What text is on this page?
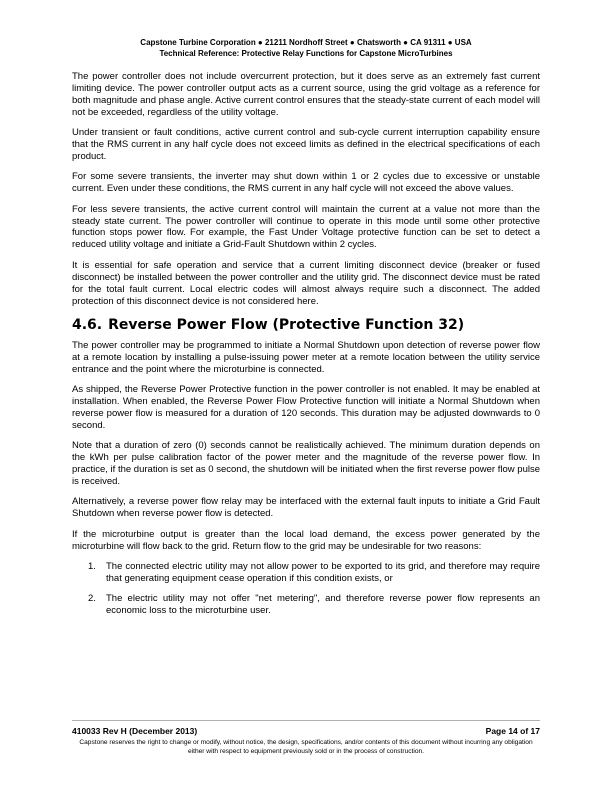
Capstone Turbine Corporation ● 21211 Nordhoff Street ● Chatsworth ● CA 91311 ● USA
Technical Reference: Protective Relay Functions for Capstone MicroTurbines

The power controller does not include overcurrent protection, but it does serve as an extremely fast current limiting device. The power controller output acts as a current source, using the grid voltage as a reference for both magnitude and phase angle. Active current control ensures that the steady-state current of each model will not be exceeded, regardless of the utility voltage.

Under transient or fault conditions, active current control and sub-cycle current interruption capability ensure that the RMS current in any half cycle does not exceed limits as defined in the electrical specifications of each product.

For some severe transients, the inverter may shut down within 1 or 2 cycles due to excessive or unstable current. Even under these conditions, the RMS current in any half cycle will not exceed the above values.

For less severe transients, the active current control will maintain the current at a value not more than the steady state current. The power controller will continue to operate in this mode until some other protective function stops power flow. For example, the Fast Under Voltage protective function can be set to detect a reduced utility voltage and initiate a Grid-Fault Shutdown within 2 cycles.

It is essential for safe operation and service that a current limiting disconnect device (breaker or fused disconnect) be installed between the power controller and the utility grid. The disconnect device must be rated for the total fault current. Local electric codes will almost always require such a disconnect. The added protection of this disconnect device is not considered here.

4.6. Reverse Power Flow (Protective Function 32)

The power controller may be programmed to initiate a Normal Shutdown upon detection of reverse power flow at a remote location by installing a pulse-issuing power meter at a remote location between the utility service entrance and the point where the microturbine is connected.

As shipped, the Reverse Power Protective function in the power controller is not enabled. It may be enabled at installation. When enabled, the Reverse Power Flow Protective function will initiate a Normal Shutdown when reverse power flow is measured for a duration of 120 seconds. This duration may be adjusted downwards to 0 second.

Note that a duration of zero (0) seconds cannot be realistically achieved. The minimum duration depends on the kWh per pulse calibration factor of the power meter and the magnitude of the reverse power flow. In practice, if the duration is set as 0 second, the shutdown will be initiated when the first reverse power flow pulse is received.

Alternatively, a reverse power flow relay may be interfaced with the external fault inputs to initiate a Grid Fault Shutdown when reverse power flow is detected.

If the microturbine output is greater than the local load demand, the excess power generated by the microturbine will flow back to the grid. Return flow to the grid may be undesirable for two reasons:

1. The connected electric utility may not allow power to be exported to its grid, and therefore may require that generating equipment cease operation if this condition exists, or
2. The electric utility may not offer "net metering", and therefore reverse power flow represents an economic loss to the microturbine user.
410033 Rev H (December 2013)	Page 14 of 17
Capstone reserves the right to change or modify, without notice, the design, specifications, and/or contents of this document without incurring any obligation either with respect to equipment previously sold or in the process of construction.
